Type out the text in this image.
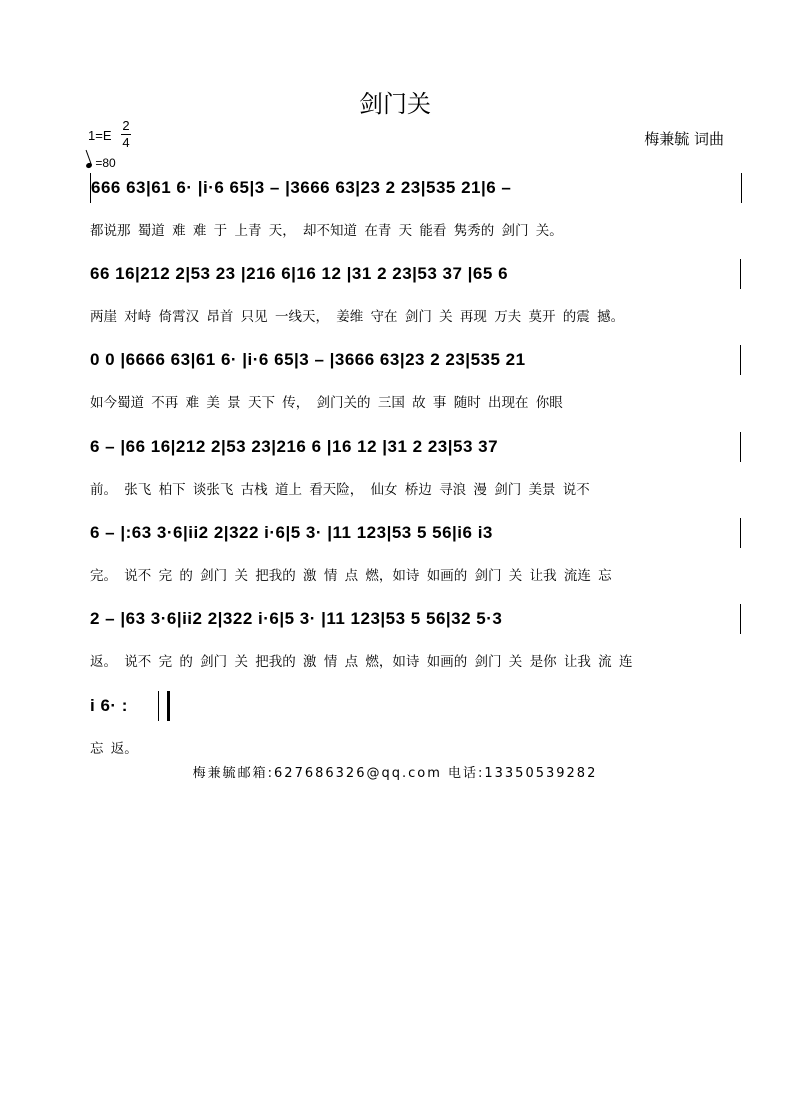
剑门关
1=E
2
4
=80
梅兼毓 词曲
666 63|61 6· |i·6 65|3 – |3666 63|23 2 23|535 21|6 –
都说那 蜀道 难 难 于 上青 天， 却不知道 在青 天 能看 隽秀的 剑门 关。
66 16|212 2|53 23 |216 6|16 12 |31 2 23|53 37 |65 6
两崖 对峙 倚霄汉 昂首 只见 一线天， 姜维 守在 剑门 关 再现 万夫 莫开 的震 撼。
0 0 |6666 63|61 6· |i·6 65|3 – |3666 63|23 2 23|535 21
如今蜀道 不再 难 美 景 天下 传， 剑门关的 三国 故 事 随时 出现在 你眼
6 – |66 16|212 2|53 23|216 6 |16 12 |31 2 23|53 37
前。 张飞 柏下 谈张飞 古栈 道上 看天险， 仙女 桥边 寻浪 漫 剑门 美景 说不
6 – |:63 3·6|ii2 2|322 i·6|5 3· |11 123|53 5 56|i6 i3
完。 说不 完 的 剑门 关 把我的 激 情 点 燃，如诗 如画的 剑门 关 让我 流连 忘
2 – |63 3·6|ii2 2|322 i·6|5 3· |11 123|53 5 56|32 5·3
返。 说不 完 的 剑门 关 把我的 激 情 点 燃，如诗 如画的 剑门 关 是你 让我 流 连
i 6· :
忘 返。
梅兼毓邮箱:627686326@qq.com 电话:13350539282
